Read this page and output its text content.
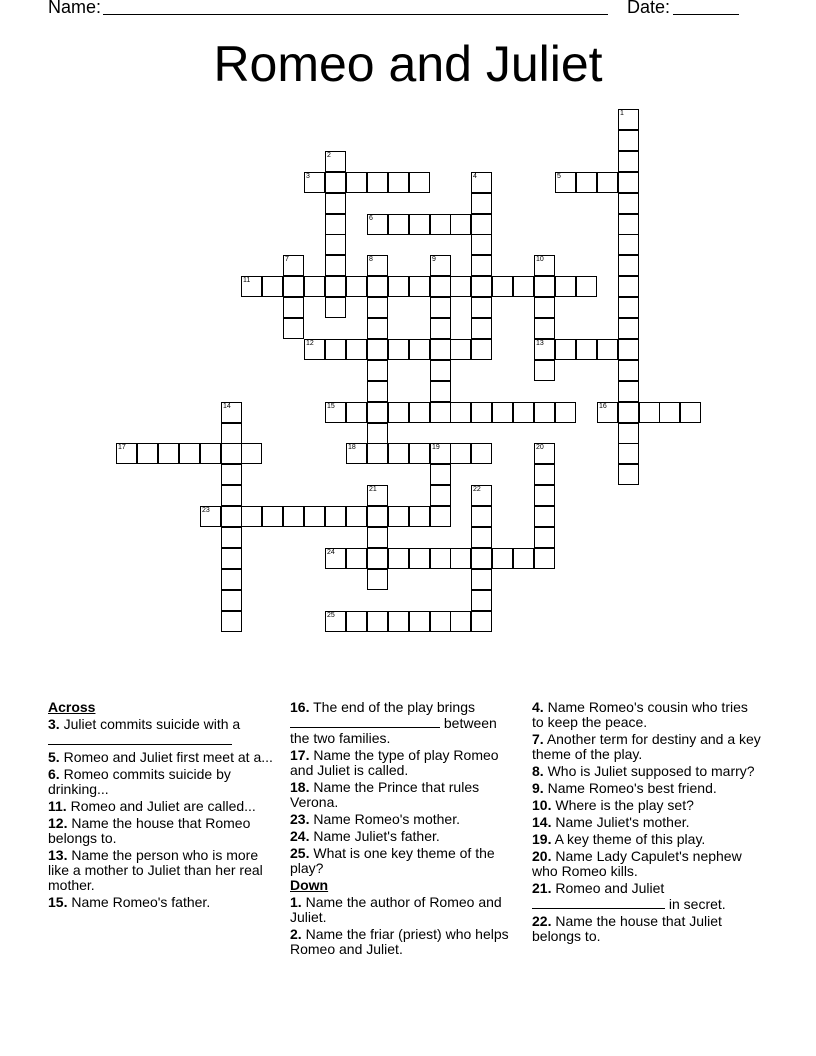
Name:	Date:
Romeo and Juliet
1
2
3	4	5
6
7	8	9	10
13
11
12
14	15	16
17	18	19	20
21	22
23
24
25
Across
3. Juliet commits suicide with a

5. Romeo and Juliet first meet at a...
6. Romeo commits suicide by drinking...
11. Romeo and Juliet are called...
12. Name the house that Romeo belongs to.
13. Name the person who is more like a mother to Juliet than her real mother.
15. Name Romeo's father.
16. The end of the play brings  between the two families.
17. Name the type of play Romeo and Juliet is called.
18. Name the Prince that rules Verona.
23. Name Romeo's mother.
24. Name Juliet's father.
25. What is one key theme of the play?
Down
1. Name the author of Romeo and Juliet.
2. Name the friar (priest) who helps Romeo and Juliet.
4. Name Romeo's cousin who tries to keep the peace.
7. Another term for destiny and a key theme of the play.
8. Who is Juliet supposed to marry?
9. Name Romeo's best friend.
10. Where is the play set?
14. Name Juliet's mother.
19. A key theme of this play.
20. Name Lady Capulet's nephew who Romeo kills.
21. Romeo and Juliet  in secret.
22. Name the house that Juliet belongs to.
